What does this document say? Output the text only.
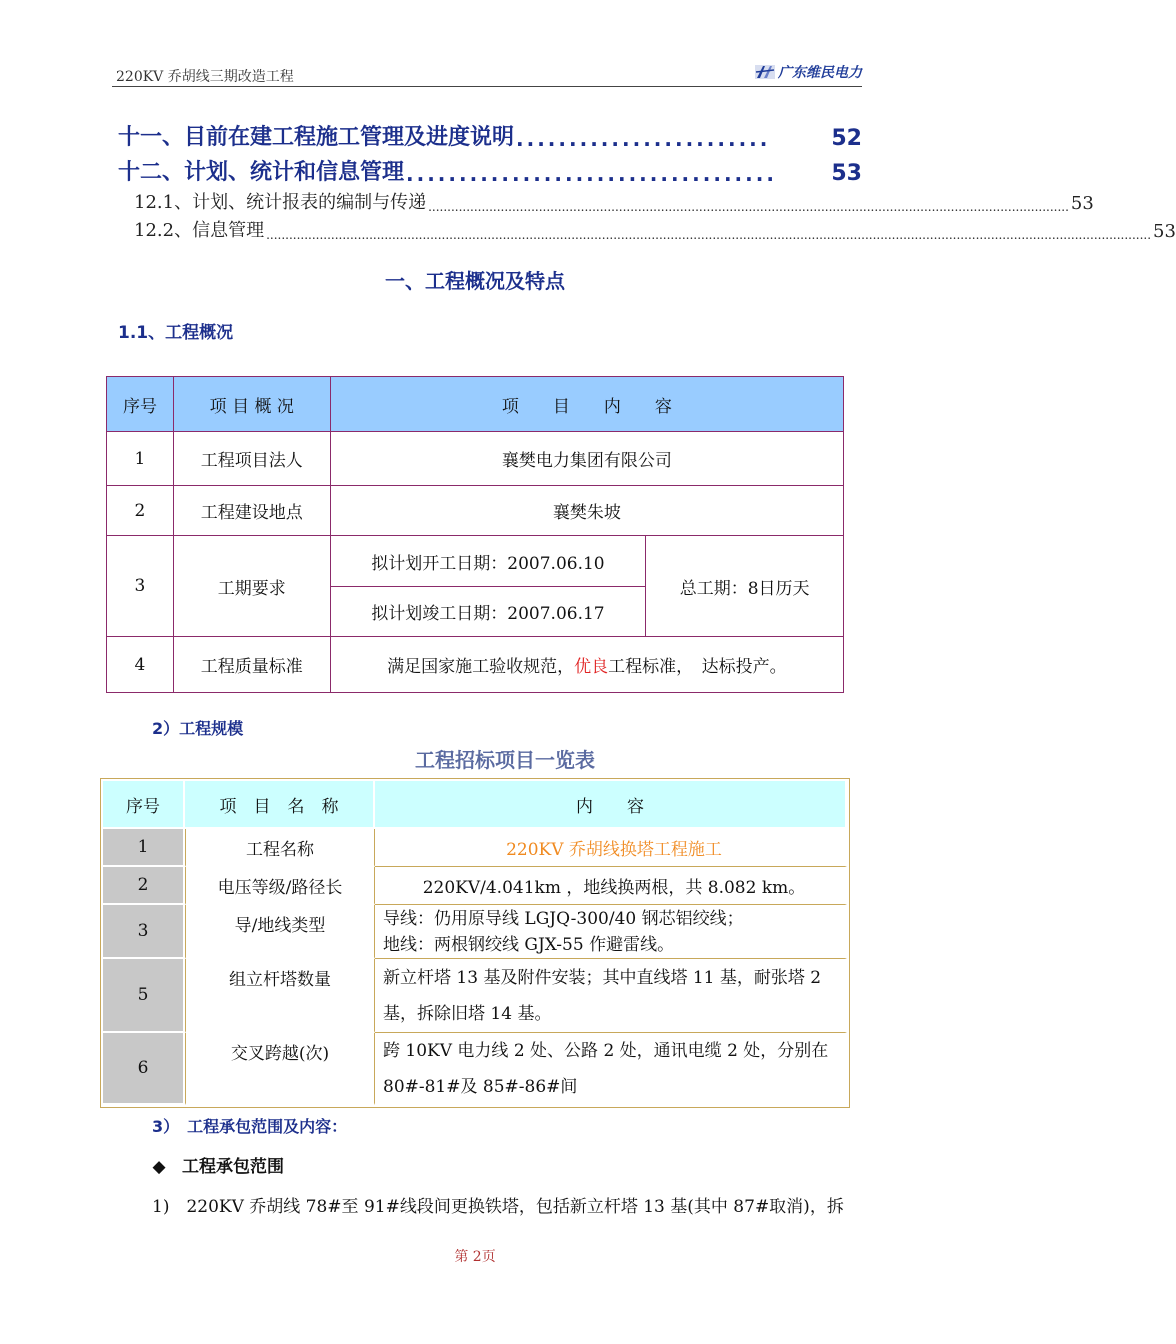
220KV 乔胡线三期改造工程	广东维民电力
十一、目前在建工程施工管理及进度说明 ........................	52
十二、计划、统计和信息管理 ...................................	53
12.1、计划、统计报表的编制与传递 ........................................................................................................................................................................ 53
12.2、信息管理 ........................................................................................................................................................................................................................................ 53
一、工程概况及特点
1.1、工程概况
序号	项 目 概 况	项　　目　　内　　容	
1	工程项目法人	襄樊电力集团有限公司	
2	工程建设地点	襄樊朱坡	
3	工期要求	拟计划开工日期：2007.06.10	总工期：8日历天
		拟计划竣工日期：2007.06.17	
4	工程质量标准	满足国家施工验收规范，优良工程标准，　达标投产。	
2）工程规模
工程招标项目一览表
序号	项　目　名　称	内　　容
1	工程名称	220KV 乔胡线换塔工程施工
2	电压等级/路径长	220KV/4.041km ，地线换两根，共 8.082 km。
3	导/地线类型	导线：仍用原导线 LGJQ-300/40 钢芯铝绞线；
地线：两根钢绞线 GJX-55 作避雷线。

5	组立杆塔数量	新立杆塔 13 基及附件安装；其中直线塔 11 基，耐张塔 2
基，拆除旧塔 14 基。

6	交叉跨越(次)	跨 10KV 电力线 2 处、公路 2 处，通讯电缆 2 处，分别在
80#-81#及 85#-86#间
3）　工程承包范围及内容：
◆ 工程承包范围
1)　220KV 乔胡线 78#至 91#线段间更换铁塔，包括新立杆塔 13 基(其中 87#取消)，拆
第 2页
